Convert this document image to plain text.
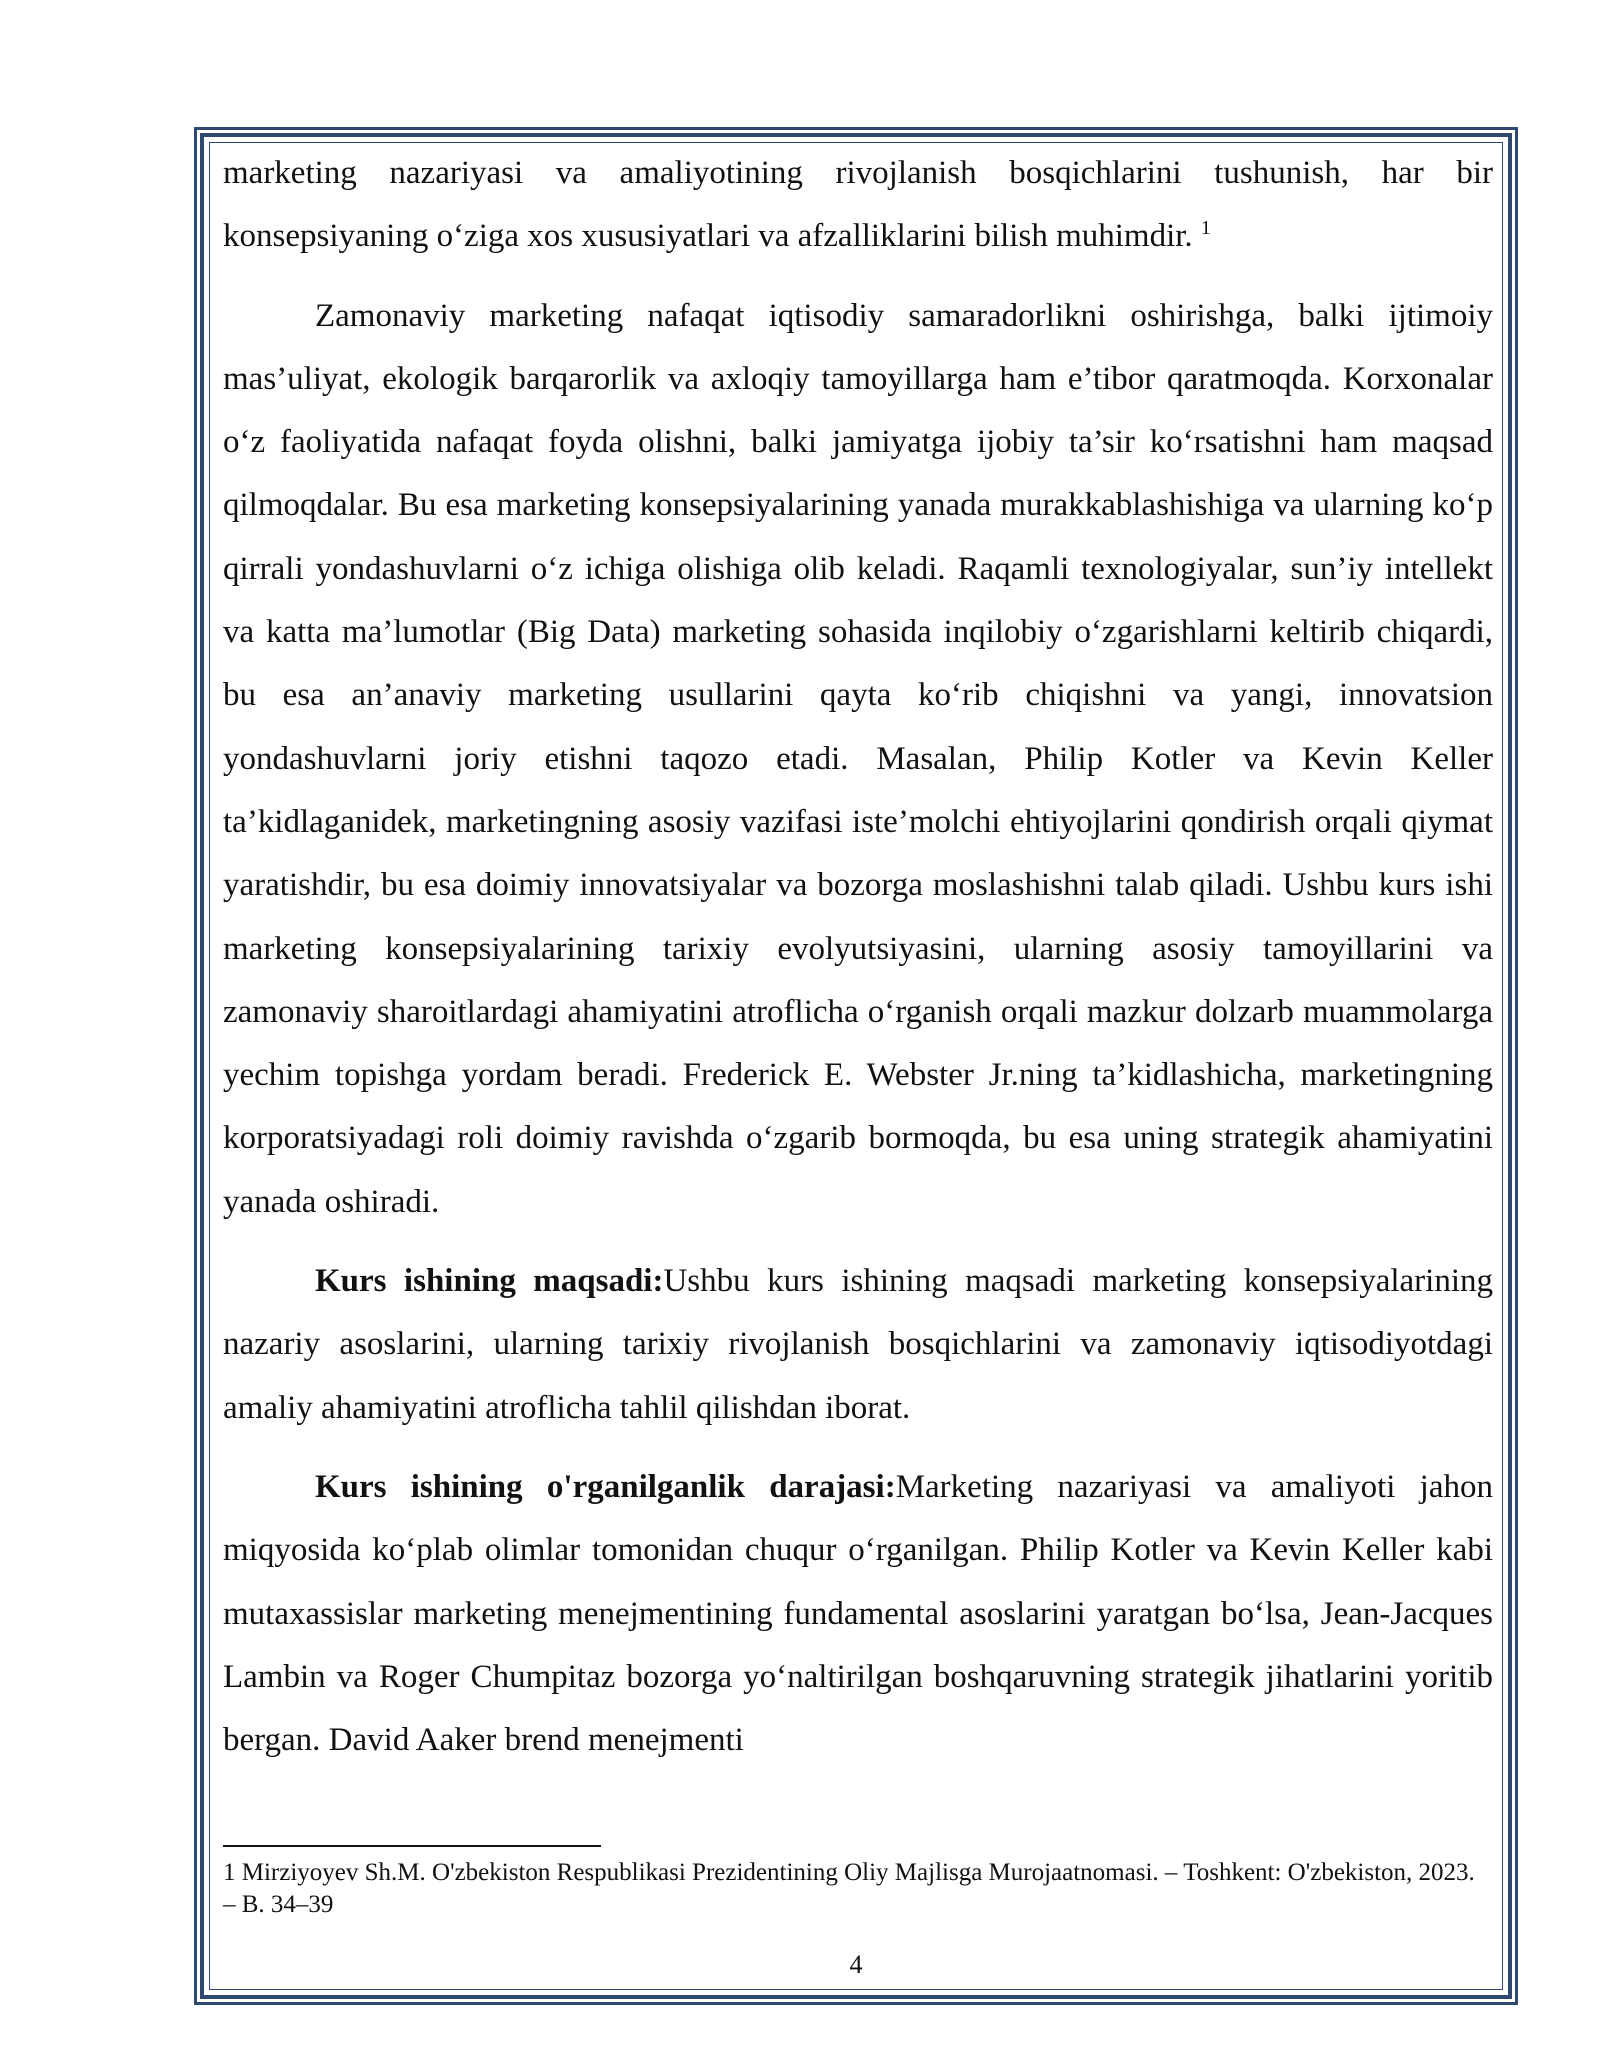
marketing nazariyasi va amaliyotining rivojlanish bosqichlarini tushunish, har bir konsepsiyaning o‘ziga xos xususiyatlari va afzalliklarini bilish muhimdir. $^1$

Zamonaviy marketing nafaqat iqtisodiy samaradorlikni oshirishga, balki ijtimoiy mas’uliyat, ekologik barqarorlik va axloqiy tamoyillarga ham e’tibor qaratmoqda. Korxonalar o‘z faoliyatida nafaqat foyda olishni, balki jamiyatga ijobiy ta’sir ko‘rsatishni ham maqsad qilmoqdalar. Bu esa marketing konsepsiyalarining yanada murakkablashishiga va ularning ko‘p qirrali yondashuvlarni o‘z ichiga olishiga olib keladi. Raqamli texnologiyalar, sun’iy intellekt va katta ma’lumotlar (Big Data) marketing sohasida inqilobiy o‘zgarishlarni keltirib chiqardi, bu esa an’anaviy marketing usullarini qayta ko‘rib chiqishni va yangi, innovatsion yondashuvlarni joriy etishni taqozo etadi. Masalan, Philip Kotler va Kevin Keller ta’kidlaganidek, marketingning asosiy vazifasi iste’molchi ehtiyojlarini qondirish orqali qiymat yaratishdir, bu esa doimiy innovatsiyalar va bozorga moslashishni talab qiladi. Ushbu kurs ishi marketing konsepsiyalarining tarixiy evolyutsiyasini, ularning asosiy tamoyillarini va zamonaviy sharoitlardagi ahamiyatini atroflicha o‘rganish orqali mazkur dolzarb muammolarga yechim topishga yordam beradi. Frederick E. Webster Jr.ning ta’kidlashicha, marketingning korporatsiyadagi roli doimiy ravishda o‘zgarib bormoqda, bu esa uning strategik ahamiyatini yanada oshiradi.

Kurs ishining maqsadi:Ushbu kurs ishining maqsadi marketing konsepsiyalarining nazariy asoslarini, ularning tarixiy rivojlanish bosqichlarini va zamonaviy iqtisodiyotdagi amaliy ahamiyatini atroflicha tahlil qilishdan iborat.

Kurs ishining o'rganilganlik darajasi:Marketing nazariyasi va amaliyoti jahon miqyosida ko‘plab olimlar tomonidan chuqur o‘rganilgan. Philip Kotler va Kevin Keller kabi mutaxassislar marketing menejmentining fundamental asoslarini yaratgan bo‘lsa, Jean-Jacques Lambin va Roger Chumpitaz bozorga yo‘naltirilgan boshqaruvning strategik jihatlarini yoritib bergan. David Aaker brend menejmenti

1 Mirziyoyev Sh.M. O'zbekiston Respublikasi Prezidentining Oliy Majlisga Murojaatnomasi. – Toshkent: O'zbekiston, 2023. – B. 34–39
4
